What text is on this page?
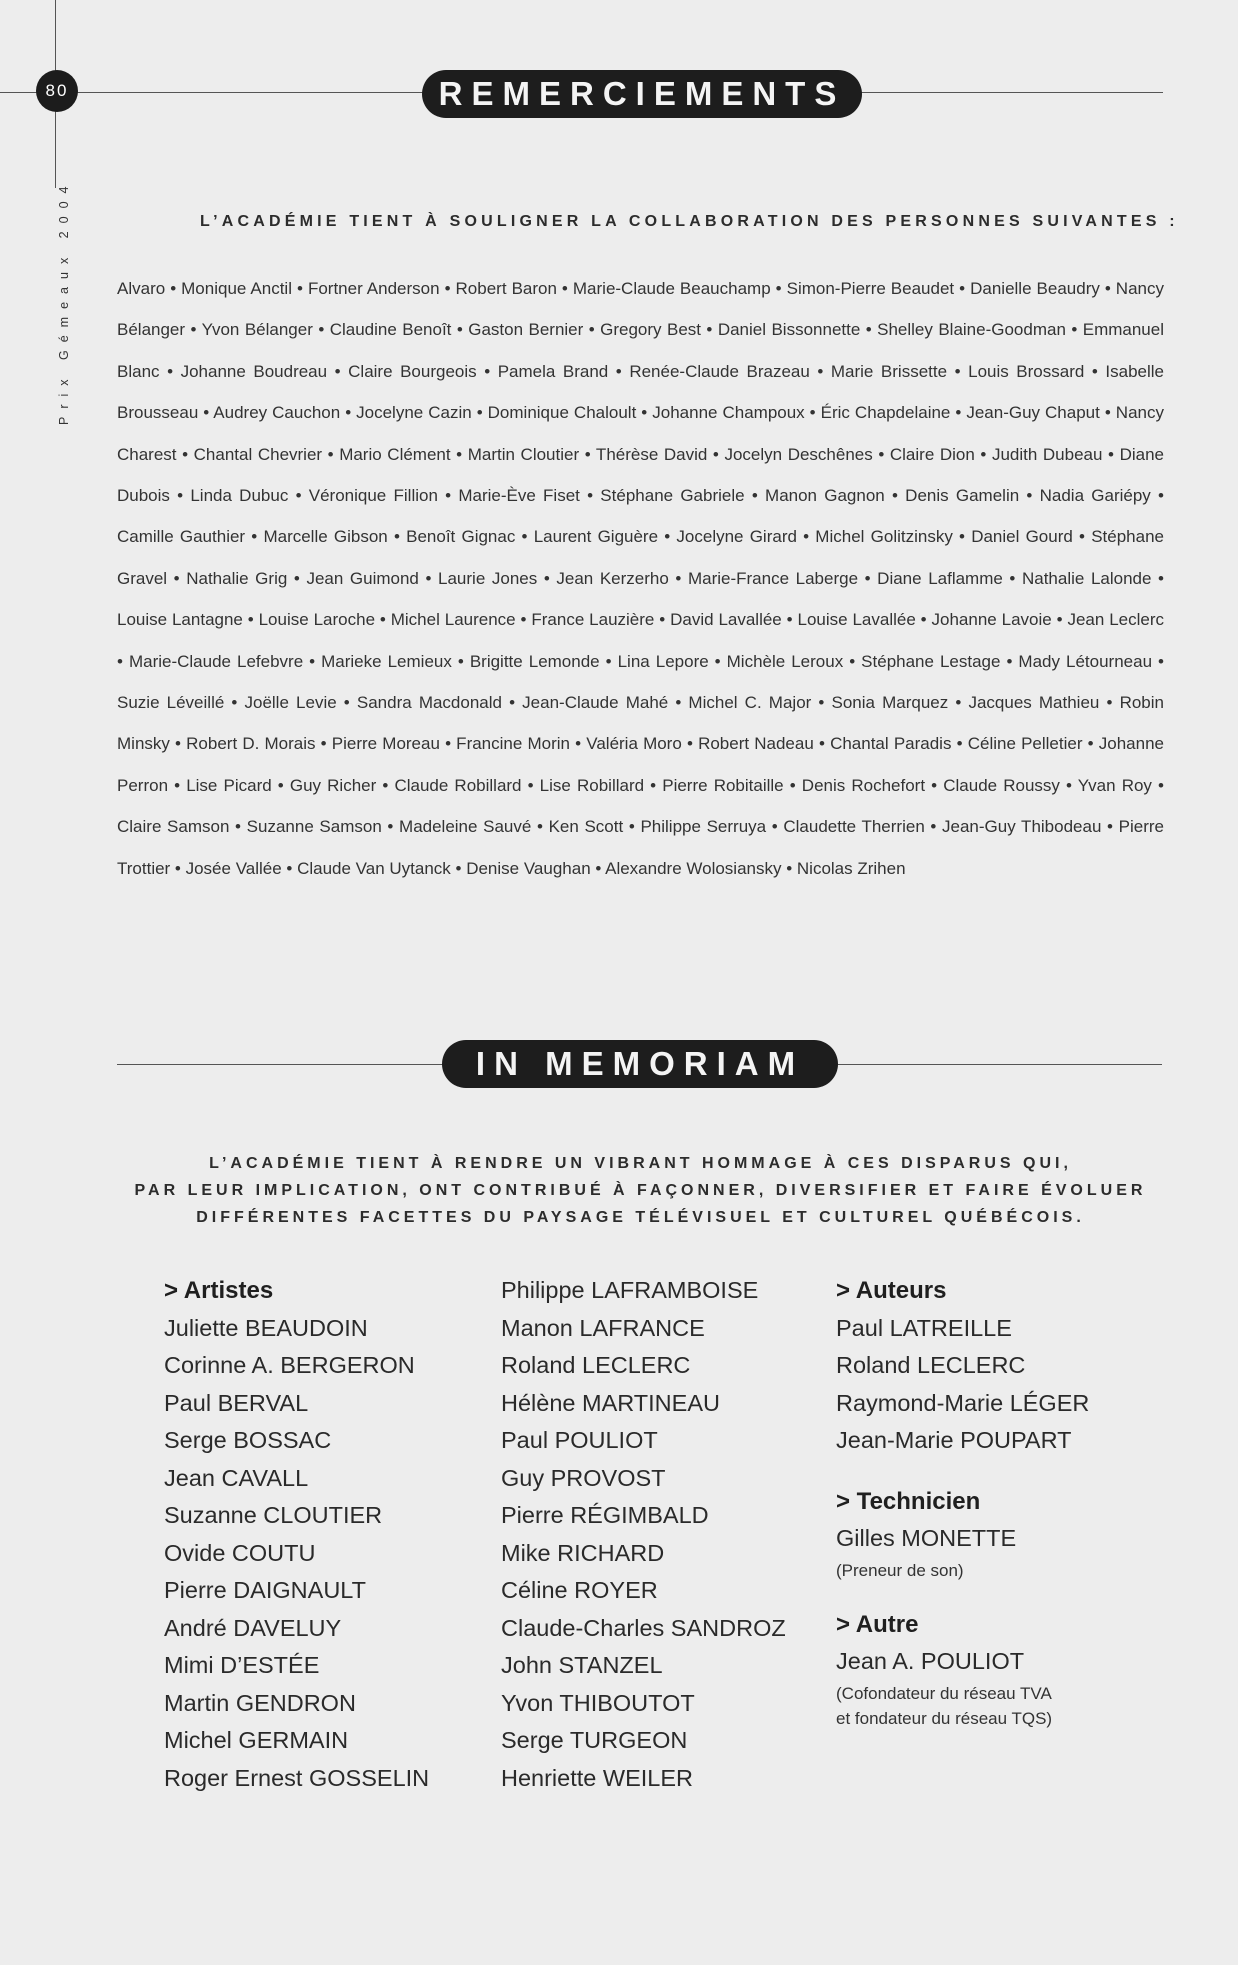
80
Prix Gémeaux 2004
REMERCIEMENTS
L’ACADÉMIE TIENT À SOULIGNER LA COLLABORATION DES PERSONNES SUIVANTES :
Alvaro • Monique Anctil • Fortner Anderson • Robert Baron • Marie-Claude Beauchamp • Simon-Pierre Beaudet • Danielle Beaudry • Nancy Bélanger • Yvon Bélanger • Claudine Benoît • Gaston Bernier • Gregory Best • Daniel Bissonnette • Shelley Blaine-Goodman • Emmanuel Blanc • Johanne Boudreau • Claire Bourgeois • Pamela Brand • Renée-Claude Brazeau • Marie Brissette • Louis Brossard • Isabelle Brousseau • Audrey Cauchon • Jocelyne Cazin • Dominique Chaloult • Johanne Champoux • Éric Chapdelaine • Jean-Guy Chaput • Nancy Charest • Chantal Chevrier • Mario Clément • Martin Cloutier • Thérèse David • Jocelyn Deschênes • Claire Dion • Judith Dubeau • Diane Dubois • Linda Dubuc • Véronique Fillion • Marie-Ève Fiset • Stéphane Gabriele • Manon Gagnon • Denis Gamelin • Nadia Gariépy • Camille Gauthier • Marcelle Gibson • Benoît Gignac • Laurent Giguère • Jocelyne Girard • Michel Golitzinsky • Daniel Gourd • Stéphane Gravel • Nathalie Grig • Jean Guimond • Laurie Jones • Jean Kerzerho • Marie-France Laberge • Diane Laflamme • Nathalie Lalonde • Louise Lantagne • Louise Laroche • Michel Laurence • France Lauzière • David Lavallée • Louise Lavallée • Johanne Lavoie • Jean Leclerc • Marie-Claude Lefebvre • Marieke Lemieux • Brigitte Lemonde • Lina Lepore • Michèle Leroux • Stéphane Lestage • Mady Létourneau • Suzie Léveillé • Joëlle Levie • Sandra Macdonald • Jean-Claude Mahé • Michel C. Major • Sonia Marquez • Jacques Mathieu • Robin Minsky • Robert D. Morais • Pierre Moreau • Francine Morin • Valéria Moro • Robert Nadeau • Chantal Paradis • Céline Pelletier • Johanne Perron • Lise Picard • Guy Richer • Claude Robillard • Lise Robillard • Pierre Robitaille • Denis Rochefort • Claude Roussy • Yvan Roy • Claire Samson • Suzanne Samson • Madeleine Sauvé • Ken Scott • Philippe Serruya • Claudette Therrien • Jean-Guy Thibodeau • Pierre Trottier • Josée Vallée • Claude Van Uytanck • Denise Vaughan • Alexandre Wolosiansky • Nicolas Zrihen
IN MEMORIAM
L’ACADÉMIE TIENT À RENDRE UN VIBRANT HOMMAGE À CES DISPARUS QUI,
PAR LEUR IMPLICATION, ONT CONTRIBUÉ À FAÇONNER, DIVERSIFIER ET FAIRE ÉVOLUER
DIFFÉRENTES FACETTES DU PAYSAGE TÉLÉVISUEL ET CULTUREL QUÉBÉCOIS.
> Artistes
Juliette BEAUDOIN
Corinne A. BERGERON
Paul BERVAL
Serge BOSSAC
Jean CAVALL
Suzanne CLOUTIER
Ovide COUTU
Pierre DAIGNAULT
André DAVELUY
Mimi D’ESTÉE
Martin GENDRON
Michel GERMAIN
Roger Ernest GOSSELIN
Philippe LAFRAMBOISE
Manon LAFRANCE
Roland LECLERC
Hélène MARTINEAU
Paul POULIOT
Guy PROVOST
Pierre RÉGIMBALD
Mike RICHARD
Céline ROYER
Claude-Charles SANDROZ
John STANZEL
Yvon THIBOUTOT
Serge TURGEON
Henriette WEILER
> Auteurs
Paul LATREILLE
Roland LECLERC
Raymond-Marie LÉGER
Jean-Marie POUPART
> Technicien
Gilles MONETTE
(Preneur de son)
> Autre
Jean A. POULIOT
(Cofondateur du réseau TVA
et fondateur du réseau TQS)
